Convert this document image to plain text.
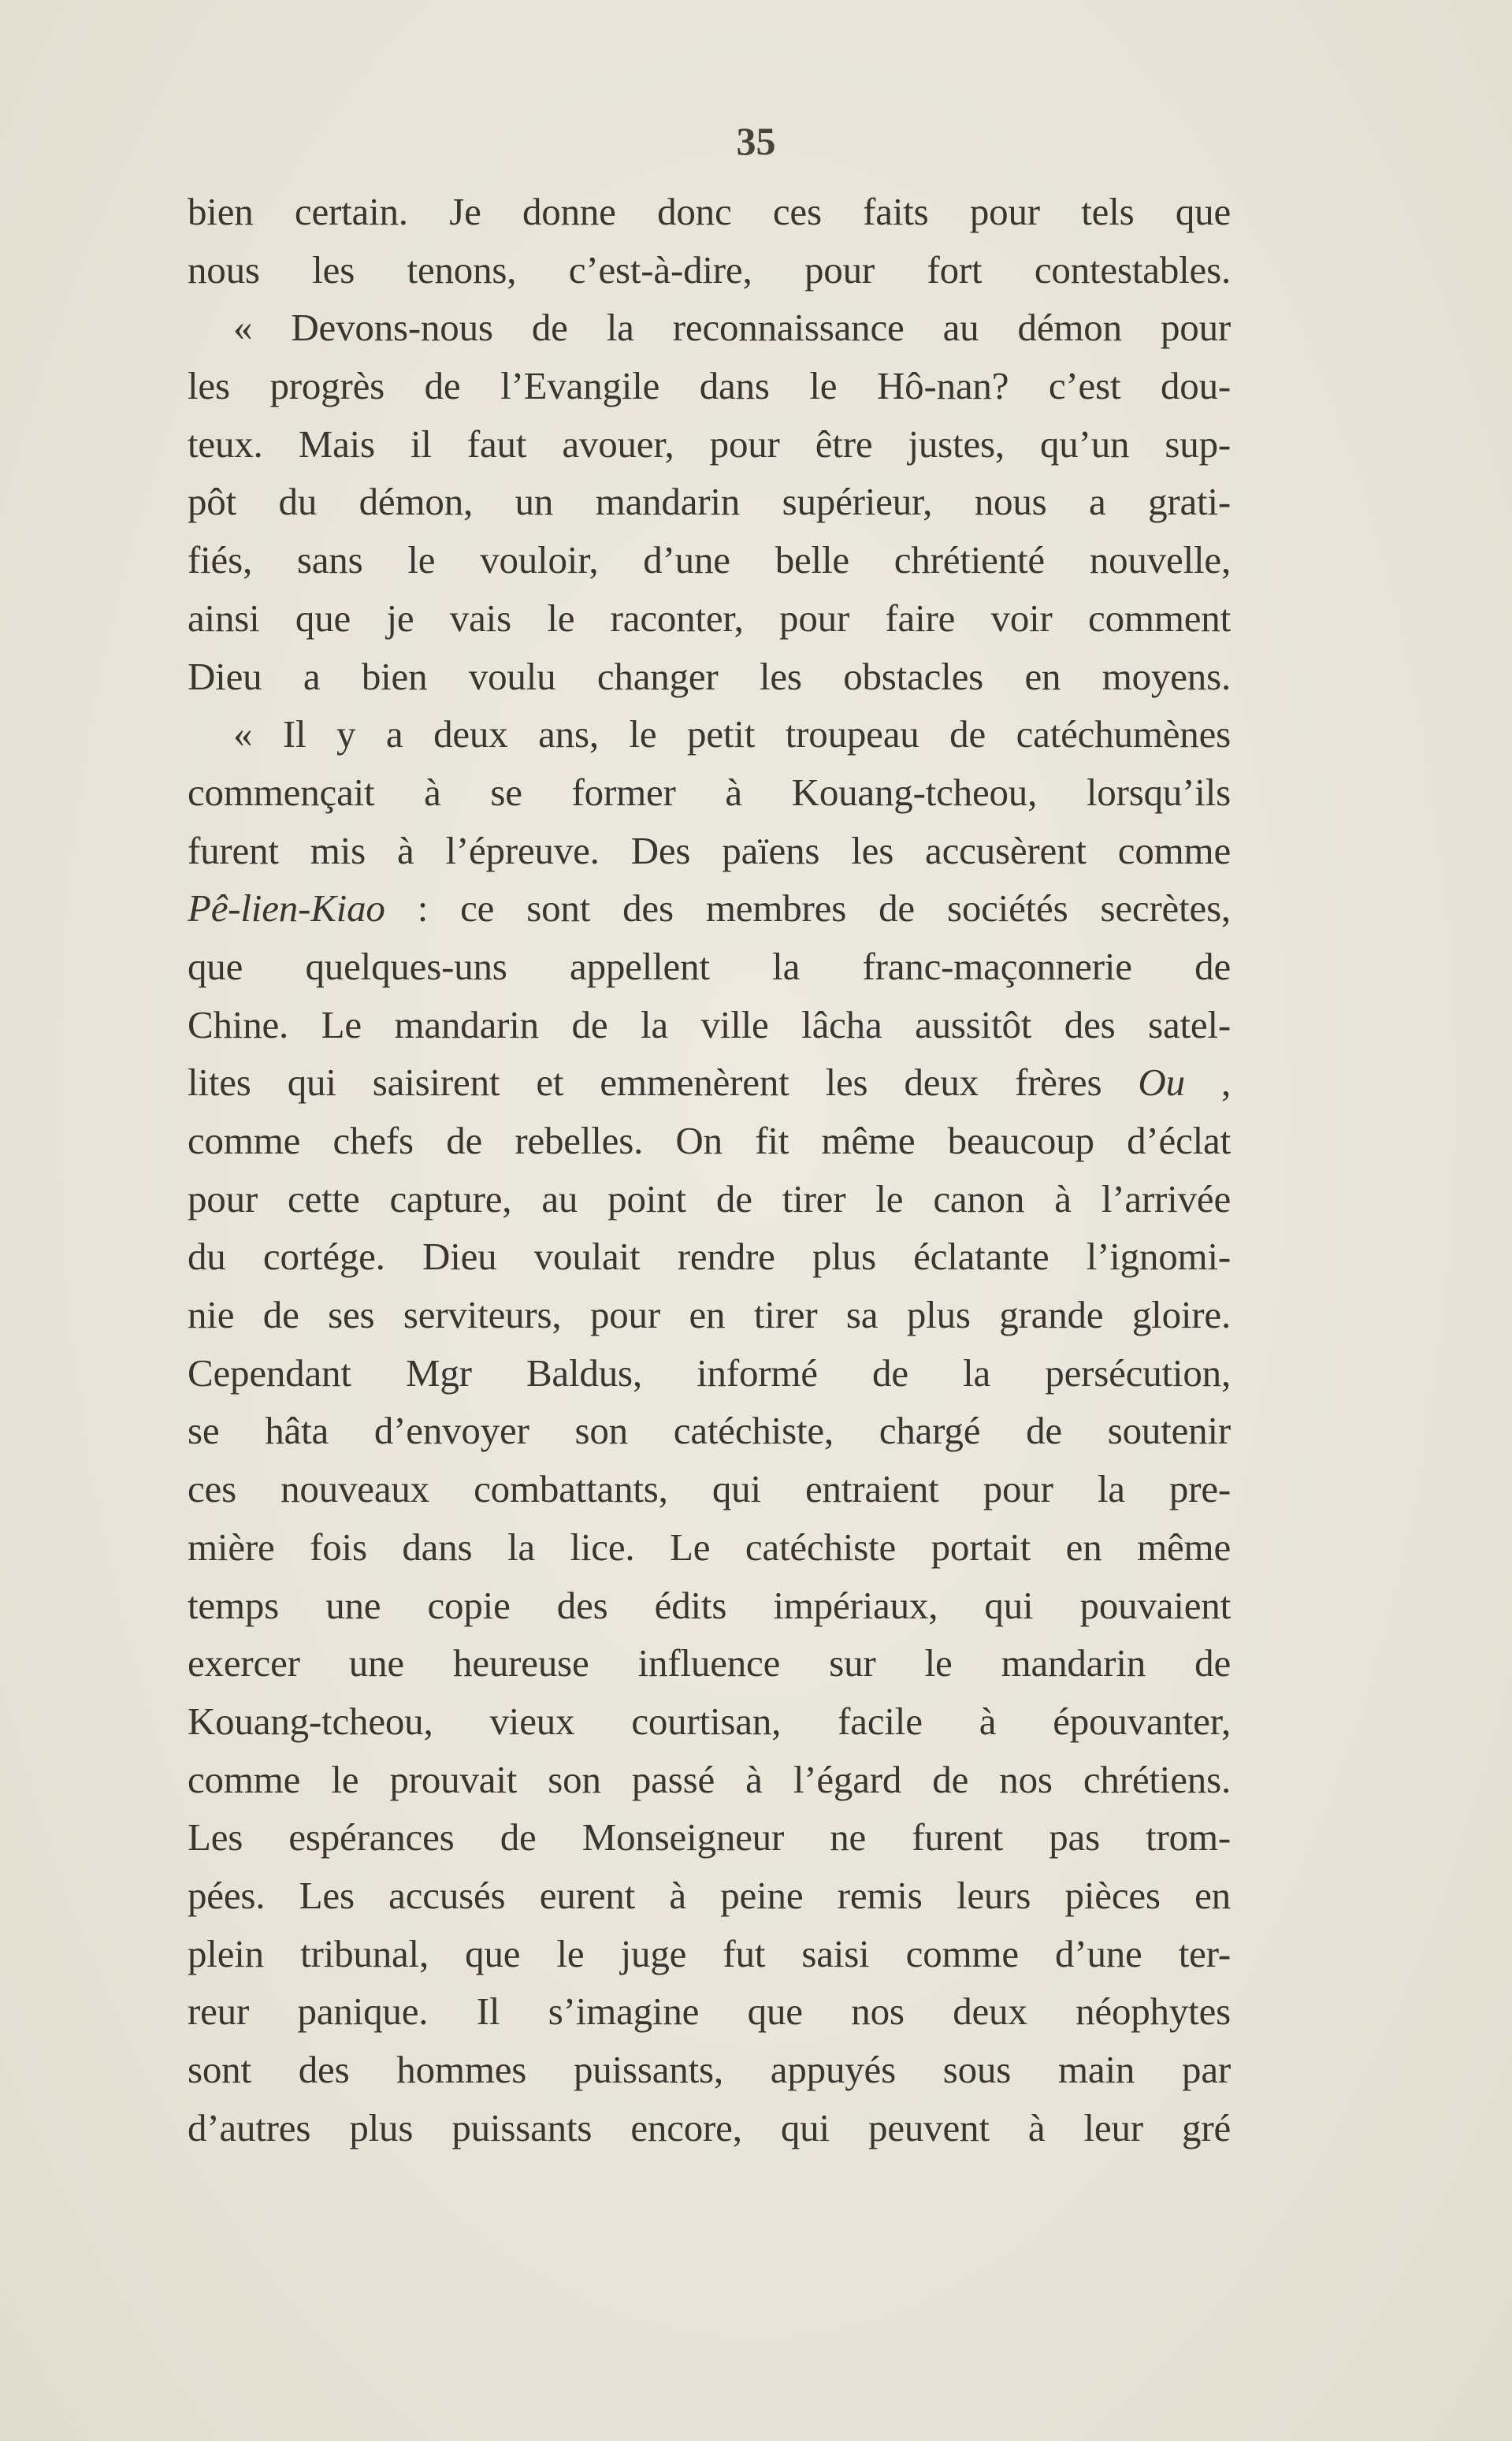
35
bien certain. Je donne donc ces faits pour tels que
nous les tenons, c’est-à-dire, pour fort contestables.
« Devons-nous de la reconnaissance au démon pour
les progrès de l’Evangile dans le Hô-nan? c’est dou-
teux. Mais il faut avouer, pour être justes, qu’un sup-
pôt du démon, un mandarin supérieur, nous a grati-
fiés, sans le vouloir, d’une belle chrétienté nouvelle,
ainsi que je vais le raconter, pour faire voir comment
Dieu a bien voulu changer les obstacles en moyens.
« Il y a deux ans, le petit troupeau de catéchumènes
commençait à se former à Kouang-tcheou, lorsqu’ils
furent mis à l’épreuve. Des païens les accusèrent comme
Pê-lien-Kiao : ce sont des membres de sociétés secrètes,
que quelques-uns appellent la franc-maçonnerie de
Chine. Le mandarin de la ville lâcha aussitôt des satel-
lites qui saisirent et emmenèrent les deux frères Ou ,
comme chefs de rebelles. On fit même beaucoup d’éclat
pour cette capture, au point de tirer le canon à l’arrivée
du cortége. Dieu voulait rendre plus éclatante l’ignomi-
nie de ses serviteurs, pour en tirer sa plus grande gloire.
Cependant Mgr Baldus, informé de la persécution,
se hâta d’envoyer son catéchiste, chargé de soutenir
ces nouveaux combattants, qui entraient pour la pre-
mière fois dans la lice. Le catéchiste portait en même
temps une copie des édits impériaux, qui pouvaient
exercer une heureuse influence sur le mandarin de
Kouang-tcheou, vieux courtisan, facile à épouvanter,
comme le prouvait son passé à l’égard de nos chrétiens.
Les espérances de Monseigneur ne furent pas trom-
pées. Les accusés eurent à peine remis leurs pièces en
plein tribunal, que le juge fut saisi comme d’une ter-
reur panique. Il s’imagine que nos deux néophytes
sont des hommes puissants, appuyés sous main par
d’autres plus puissants encore, qui peuvent à leur gré
